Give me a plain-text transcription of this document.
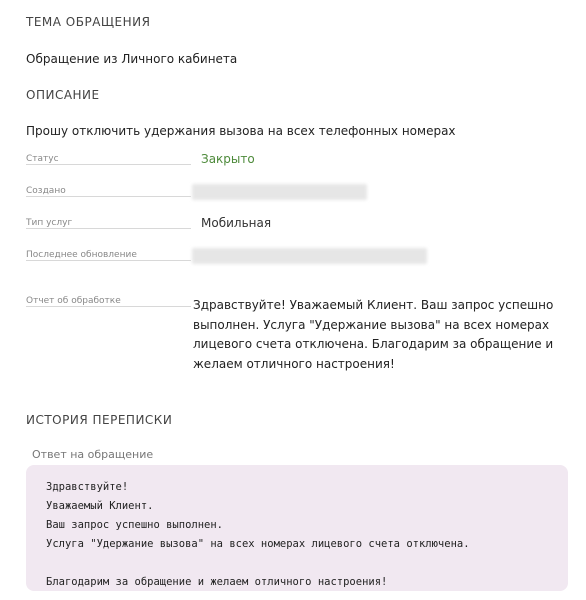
ТЕМА ОБРАЩЕНИЯ
Обращение из Личного кабинета
ОПИСАНИЕ
Прошу отключить удержания вызова на всех телефонных номерах
Статус	Закрыто
Создано
Тип услуг	Мобильная
Последнее обновление
Отчет об обработке	Здравствуйте! Уважаемый Клиент. Ваш запрос успешно выполнен. Услуга "Удержание вызова" на всех номерах лицевого счета отключена. Благодарим за обращение и желаем отличного настроения!
ИСТОРИЯ ПЕРЕПИСКИ
Ответ на обращение
Здравствуйте!
Уважаемый Клиент.
Ваш запрос успешно выполнен.
Услуга "Удержание вызова" на всех номерах лицевого счета отключена.
Благодарим за обращение и желаем отличного настроения!
